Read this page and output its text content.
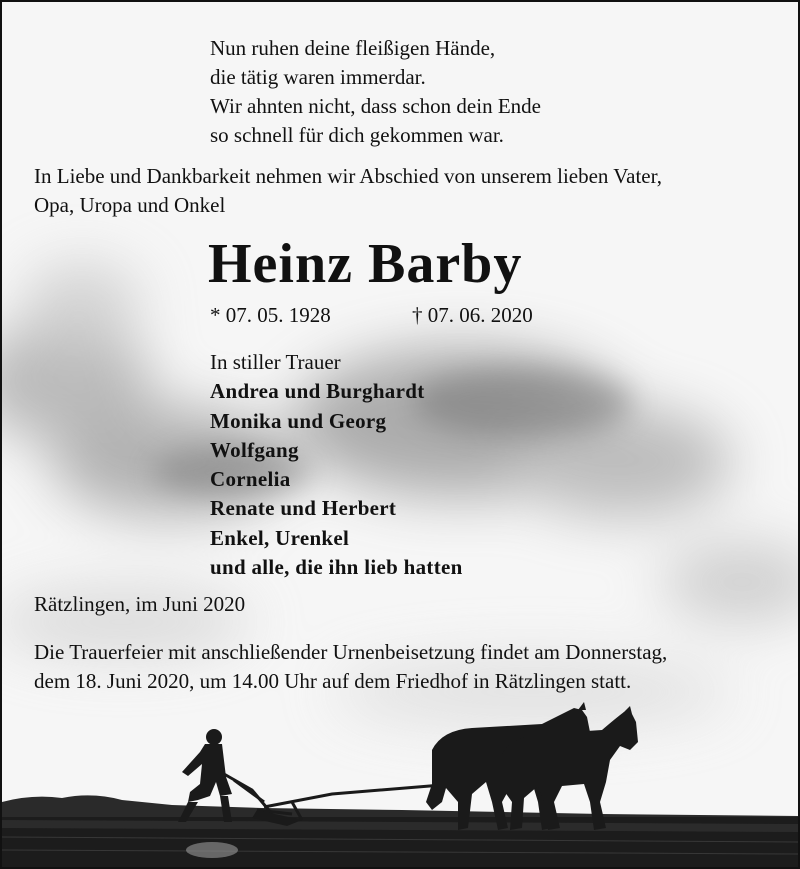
Nun ruhen deine fleißigen Hände,
die tätig waren immerdar.
Wir ahnten nicht, dass schon dein Ende
so schnell für dich gekommen war.
In Liebe und Dankbarkeit nehmen wir Abschied von unserem lieben Vater,
Opa, Uropa und Onkel
Heinz Barby
* 07. 05. 1928	† 07. 06. 2020
In stiller Trauer
Andrea und Burghardt
Monika und Georg
Wolfgang
Cornelia
Renate und Herbert
Enkel, Urenkel
und alle, die ihn lieb hatten
Rätzlingen, im Juni 2020
Die Trauerfeier mit anschließender Urnenbeisetzung findet am Donnerstag,
dem 18. Juni 2020, um 14.00 Uhr auf dem Friedhof in Rätzlingen statt.
